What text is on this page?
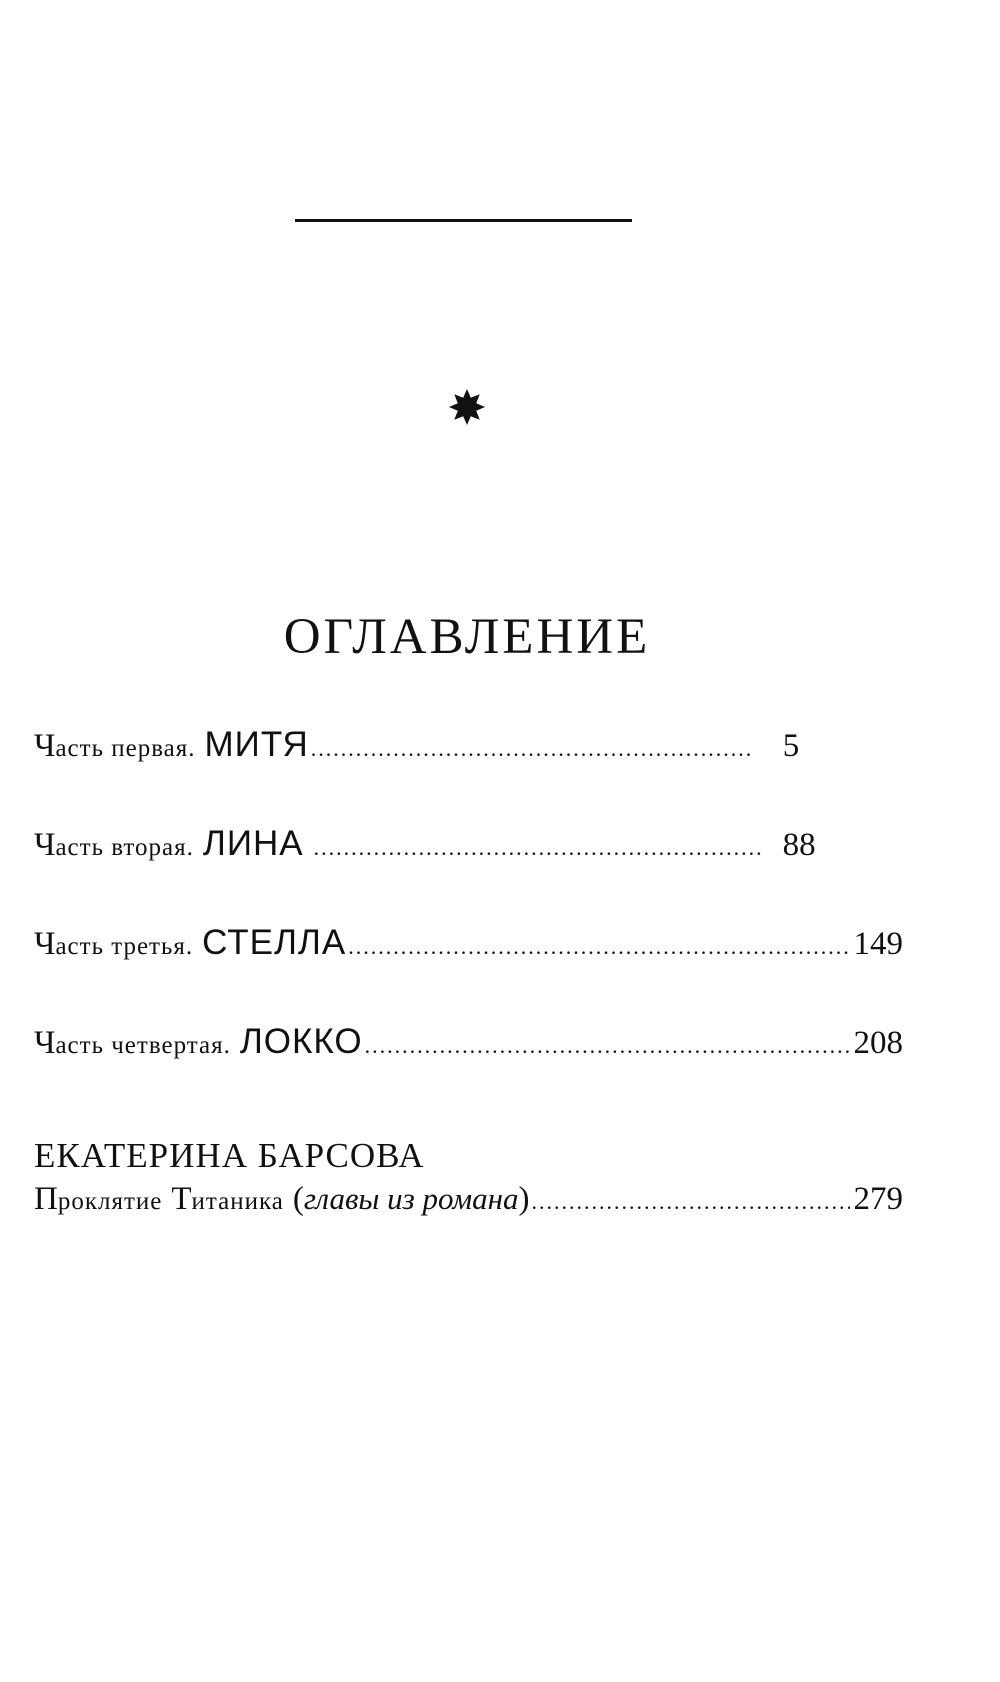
ОГЛАВЛЕНИЕ
Ч асть первая. МИТЯ .....	5
Ч асть вторая. ЛИНА .....	88
Ч асть третья. СТЕЛЛА .....	149
Ч асть четвертая. ЛОККО .....	208
ЕКАТЕРИНА БАРСОВА
П роклятие Т итаника ( главы из романа ) .....	279
